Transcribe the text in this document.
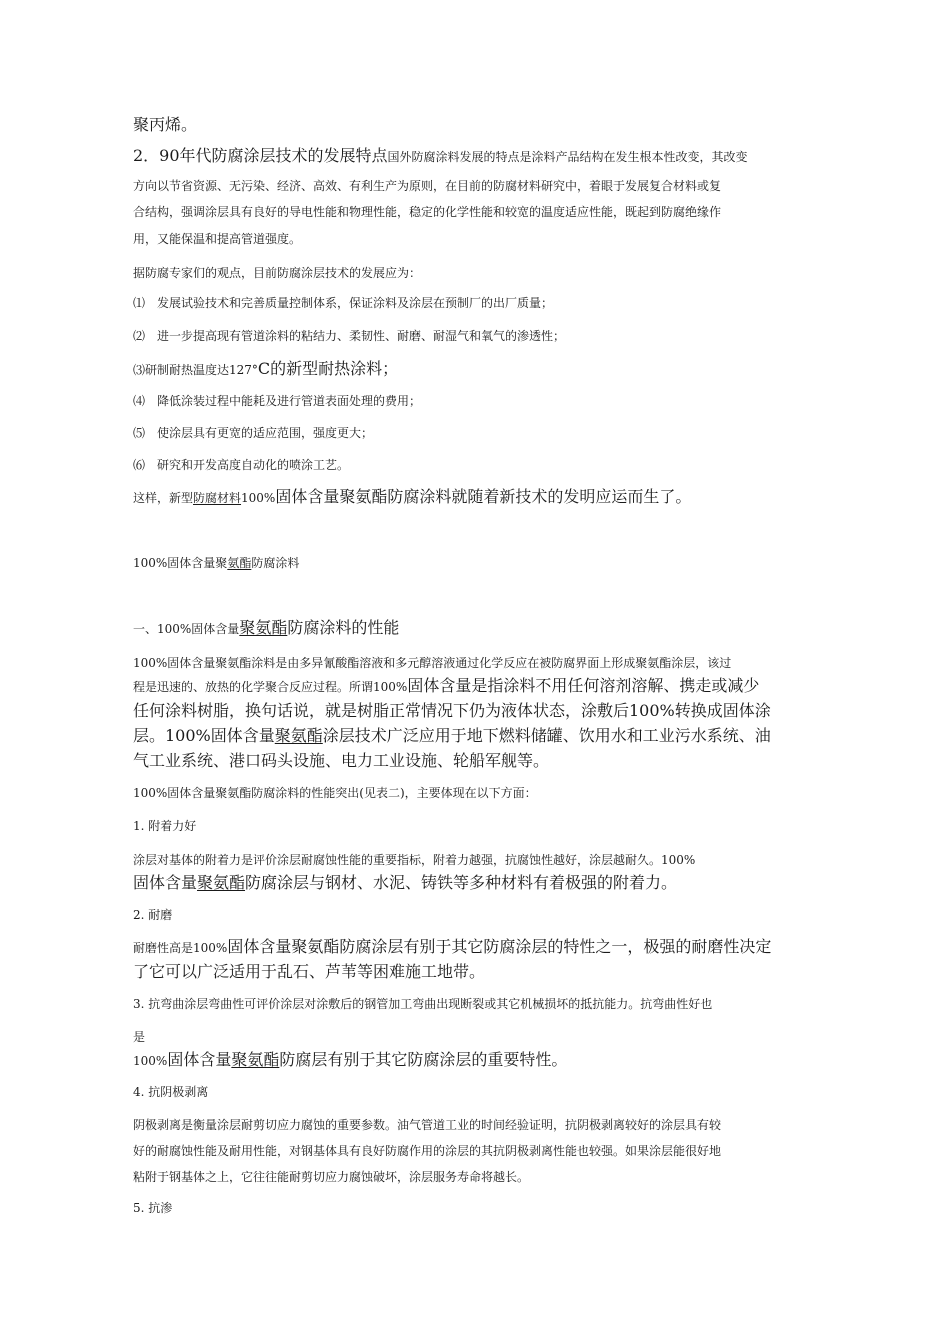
聚丙烯。
2．90年代防腐涂层技术的发展特点国外防腐涂料发展的特点是涂料产品结构在发生根本性改变，其改变
方向以节省资源、无污染、经济、高效、有利生产为原则，在目前的防腐材料研究中，着眼于发展复合材料或复
合结构，强调涂层具有良好的导电性能和物理性能，稳定的化学性能和较宽的温度适应性能，既起到防腐绝缘作
用，又能保温和提高管道强度。
据防腐专家们的观点，目前防腐涂层技术的发展应为：
⑴ 发展试验技术和完善质量控制体系，保证涂料及涂层在预制厂的出厂质量；
⑵ 进一步提高现有管道涂料的粘结力、柔韧性、耐磨、耐湿气和氧气的渗透性；
⑶研制耐热温度达127°C的新型耐热涂料；
⑷ 降低涂装过程中能耗及进行管道表面处理的费用；
⑸ 使涂层具有更宽的适应范围，强度更大；
⑹ 研究和开发高度自动化的喷涂工艺。
这样，新型防腐材料100%固体含量聚氨酯防腐涂料就随着新技术的发明应运而生了。
100%固体含量聚氨酯防腐涂料
一、100%固体含量聚氨酯防腐涂料的性能
100%固体含量聚氨酯涂料是由多异氰酸酯溶液和多元醇溶液通过化学反应在被防腐界面上形成聚氨酯涂层，该过
程是迅速的、放热的化学聚合反应过程。所谓100%固体含量是指涂料不用任何溶剂溶解、携走或减少
任何涂料树脂，换句话说，就是树脂正常情况下仍为液体状态，涂敷后100%转换成固体涂
层。100%固体含量聚氨酯涂层技术广泛应用于地下燃料储罐、饮用水和工业污水系统、油
气工业系统、港口码头设施、电力工业设施、轮船军舰等。
100%固体含量聚氨酯防腐涂料的性能突出(见表二)，主要体现在以下方面：
1. 附着力好
涂层对基体的附着力是评价涂层耐腐蚀性能的重要指标，附着力越强，抗腐蚀性越好，涂层越耐久。100%
固体含量聚氨酯防腐涂层与钢材、水泥、铸铁等多种材料有着极强的附着力。
2. 耐磨
耐磨性高是100%固体含量聚氨酯防腐涂层有别于其它防腐涂层的特性之一，极强的耐磨性决定
了它可以广泛适用于乱石、芦苇等困难施工地带。
3. 抗弯曲涂层弯曲性可评价涂层对涂敷后的钢管加工弯曲出现断裂或其它机械损坏的抵抗能力。抗弯曲性好也
是
100%固体含量聚氨酯防腐层有别于其它防腐涂层的重要特性。
4. 抗阴极剥离
阴极剥离是衡量涂层耐剪切应力腐蚀的重要参数。油气管道工业的时间经验证明，抗阴极剥离较好的涂层具有较
好的耐腐蚀性能及耐用性能，对钢基体具有良好防腐作用的涂层的其抗阴极剥离性能也较强。如果涂层能很好地
粘附于钢基体之上，它往往能耐剪切应力腐蚀破坏，涂层服务寿命将越长。
5. 抗渗
